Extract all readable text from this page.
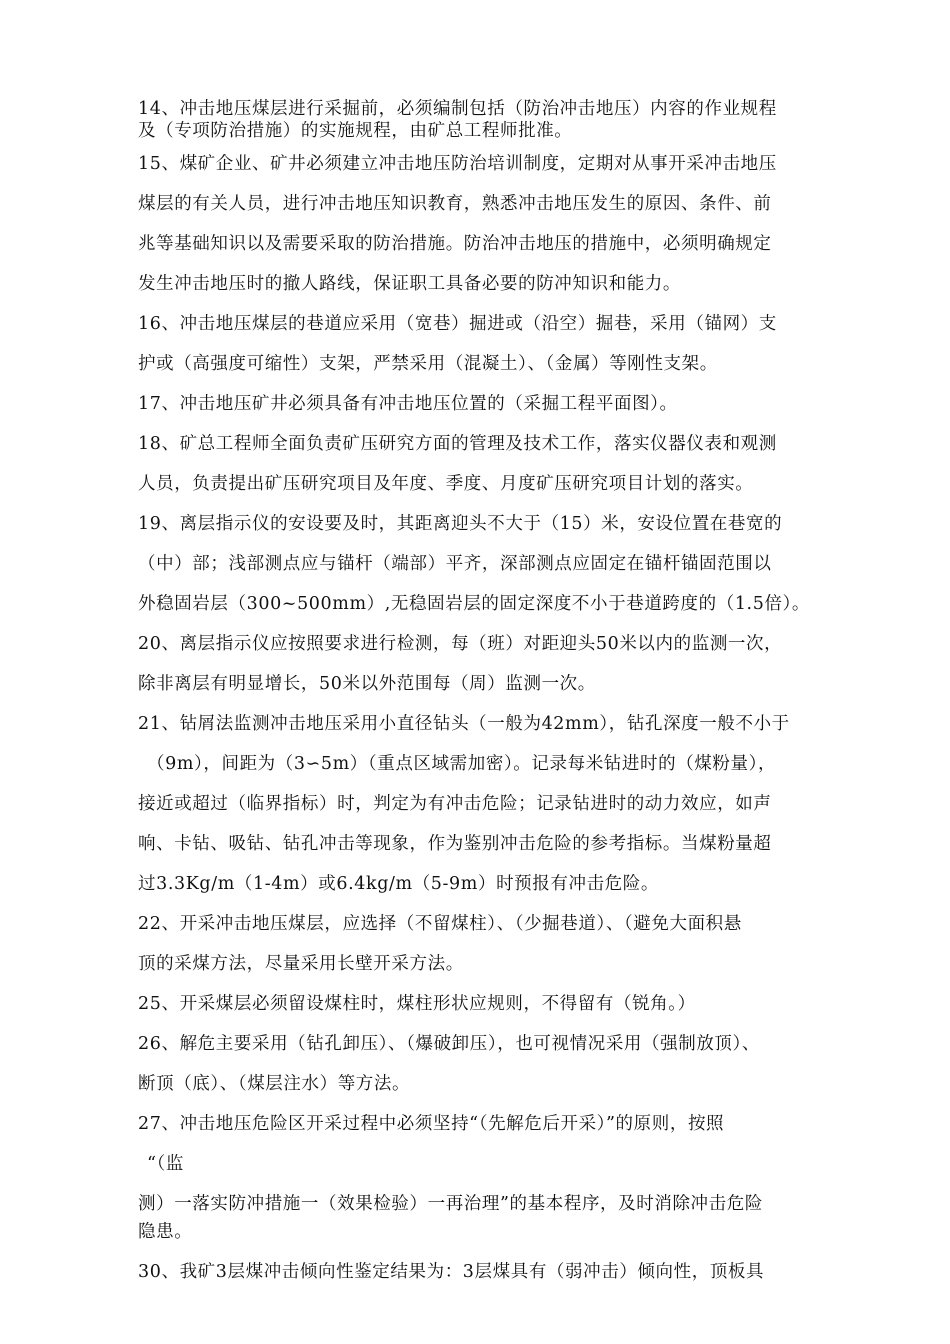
14、冲击地压煤层进行采掘前，必须编制包括（防治冲击地压）内容的作业规程
及（专项防治措施）的实施规程，由矿总工程师批准。
15、煤矿企业、矿井必须建立冲击地压防治培训制度，定期对从事开采冲击地压
煤层的有关人员，进行冲击地压知识教育，熟悉冲击地压发生的原因、条件、前
兆等基础知识以及需要采取的防治措施。防治冲击地压的措施中，必须明确规定
发生冲击地压时的撤人路线，保证职工具备必要的防冲知识和能力。
16、冲击地压煤层的巷道应采用（宽巷）掘进或（沿空）掘巷，采用（锚网）支
护或（高强度可缩性）支架，严禁采用（混凝土）、（金属）等刚性支架。
17、冲击地压矿井必须具备有冲击地压位置的（采掘工程平面图）。
18、矿总工程师全面负责矿压研究方面的管理及技术工作，落实仪器仪表和观测
人员，负责提出矿压研究项目及年度、季度、月度矿压研究项目计划的落实。
19、离层指示仪的安设要及时，其距离迎头不大于（15）米，安设位置在巷宽的
（中）部；浅部测点应与锚杆（端部）平齐，深部测点应固定在锚杆锚固范围以
外稳固岩层（300~500mm）,无稳固岩层的固定深度不小于巷道跨度的（1.5倍）。
20、离层指示仪应按照要求进行检测，每（班）对距迎头50米以内的监测一次，
除非离层有明显增长，50米以外范围每（周）监测一次。
21、钻屑法监测冲击地压采用小直径钻头（一般为42mm），钻孔深度一般不小于
（9m），间距为（3∽5m）（重点区域需加密）。记录每米钻进时的（煤粉量），
接近或超过（临界指标）时，判定为有冲击危险；记录钻进时的动力效应，如声
响、卡钻、吸钻、钻孔冲击等现象，作为鉴别冲击危险的参考指标。当煤粉量超
过3.3Kg/m（1-4m）或6.4kg/m（5-9m）时预报有冲击危险。
22、开采冲击地压煤层，应选择（不留煤柱）、（少掘巷道）、（避免大面积悬
顶的采煤方法，尽量采用长壁开采方法。
25、开采煤层必须留设煤柱时，煤柱形状应规则，不得留有（锐角。）
26、解危主要采用（钻孔卸压）、（爆破卸压），也可视情况采用（强制放顶）、
断顶（底）、（煤层注水）等方法。
27、冲击地压危险区开采过程中必须坚持“（先解危后开采）”的原则，按照
“（监
测）一落实防冲措施一（效果检验）一再治理”的基本程序，及时消除冲击危险
隐患。
30、我矿3层煤冲击倾向性鉴定结果为：3层煤具有（弱冲击）倾向性，顶板具
